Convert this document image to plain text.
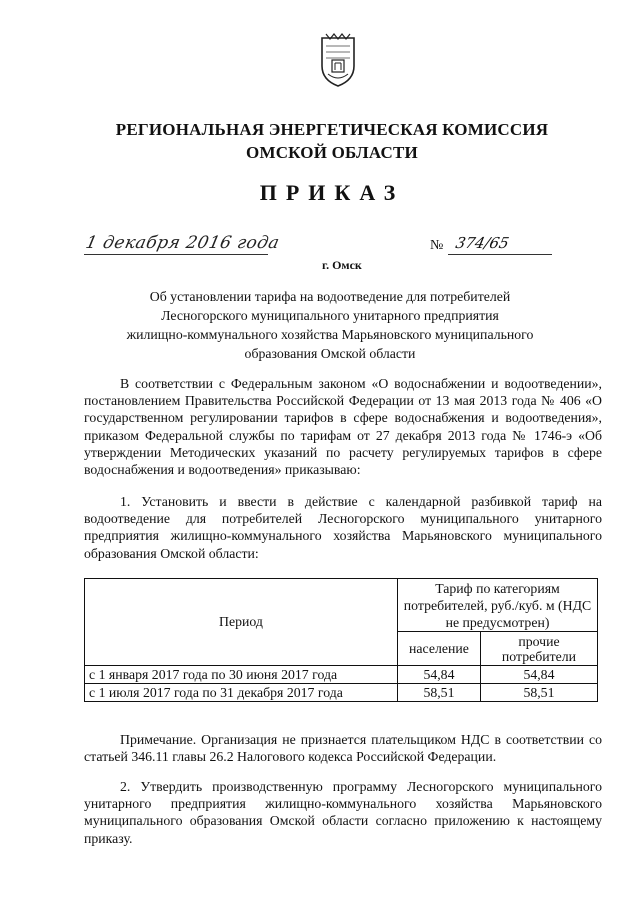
РЕГИОНАЛЬНАЯ ЭНЕРГЕТИЧЕСКАЯ КОМИССИЯ
ОМСКОЙ ОБЛАСТИ
ПРИКАЗ
1 декабря 2016 года
г. Омск
№ 374/65
Об установлении тарифа на водоотведение для потребителей
Лесногорского муниципального унитарного предприятия
жилищно-коммунального хозяйства Марьяновского муниципального
образования Омской области
В соответствии с Федеральным законом «О водоснабжении и водоотведении», постановлением Правительства Российской Федерации от 13 мая 2013 года № 406 «О государственном регулировании тарифов в сфере водоснабжения и водоотведения», приказом Федеральной службы по тарифам от 27 декабря 2013 года № 1746-э «Об утверждении Методических указаний по расчету регулируемых тарифов в сфере водоснабжения и водоотведения» приказываю:
1. Установить и ввести в действие с календарной разбивкой тариф на водоотведение для потребителей Лесногорского муниципального унитарного предприятия жилищно-коммунального хозяйства Марьяновского муниципального образования Омской области:
Период	Тариф по категориям потребителей, руб./куб. м (НДС не предусмотрен)	
	население	прочие потребители
с 1 января 2017 года по 30 июня 2017 года	54,84	54,84
с 1 июля 2017 года по 31 декабря 2017 года	58,51	58,51
Примечание. Организация не признается плательщиком НДС в соответствии со статьей 346.11 главы 26.2 Налогового кодекса Российской Федерации.
2. Утвердить производственную программу Лесногорского муниципального унитарного предприятия жилищно-коммунального хозяйства Марьяновского муниципального образования Омской области согласно приложению к настоящему приказу.
